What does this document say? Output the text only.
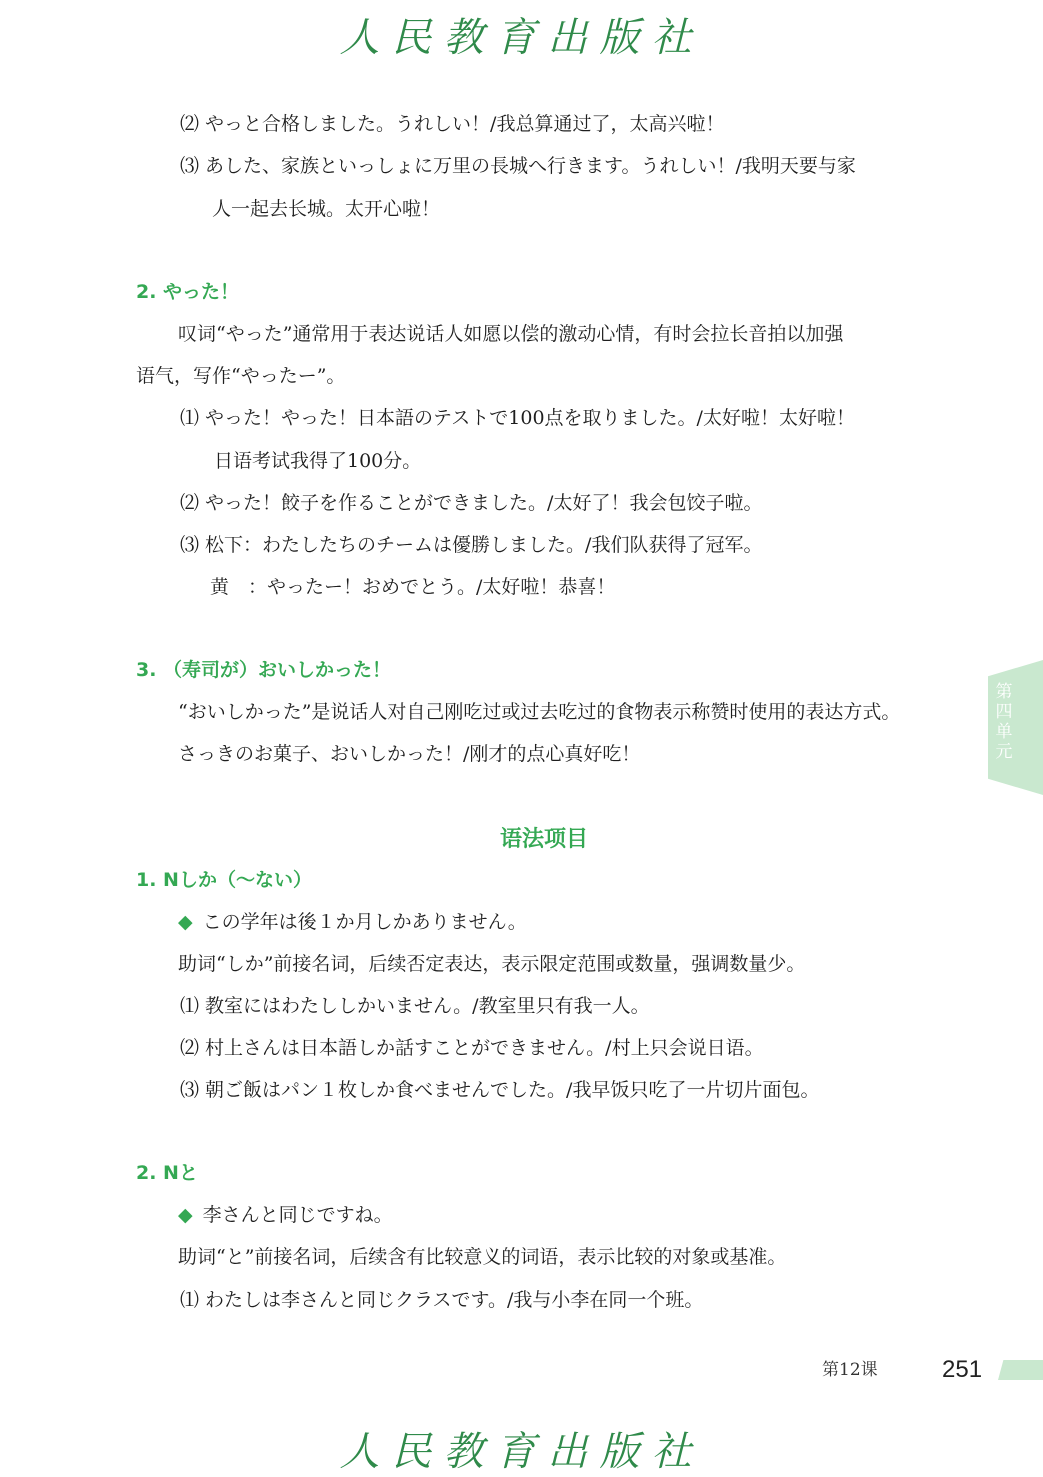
人民教育出版社
⑵ やっと合格しました。うれしい！/我总算通过了，太高兴啦！
⑶ あした、家族といっしょに万里の長城へ行きます。うれしい！/我明天要与家
人一起去长城。太开心啦！
2. やった！
叹词“やった”通常用于表达说话人如愿以偿的激动心情，有时会拉长音拍以加强
语气，写作“やったー”。
⑴ やった！やった！日本語のテストで100点を取りました。/太好啦！太好啦！
日语考试我得了100分。
⑵ やった！餃子を作ることができました。/太好了！我会包饺子啦。
⑶ 松下：わたしたちのチームは優勝しました。/我们队获得了冠军。
黄　：やったー！おめでとう。/太好啦！恭喜！
3. （寿司が）おいしかった！
“おいしかった”是说话人对自己刚吃过或过去吃过的食物表示称赞时使用的表达方式。
さっきのお菓子、おいしかった！/刚才的点心真好吃！
语法项目
1. Nしか（～ない）
◆ この学年は後１か月しかありません。
助词“しか”前接名词，后续否定表达，表示限定范围或数量，强调数量少。
⑴ 教室にはわたししかいません。/教室里只有我一人。
⑵ 村上さんは日本語しか話すことができません。/村上只会说日语。
⑶ 朝ご飯はパン１枚しか食べませんでした。/我早饭只吃了一片切片面包。
2. Nと
◆ 李さんと同じですね。
助词“と”前接名词，后续含有比较意义的词语，表示比较的对象或基准。
⑴ わたしは李さんと同じクラスです。/我与小李在同一个班。
第四单元
第12课	251
人民教育出版社
